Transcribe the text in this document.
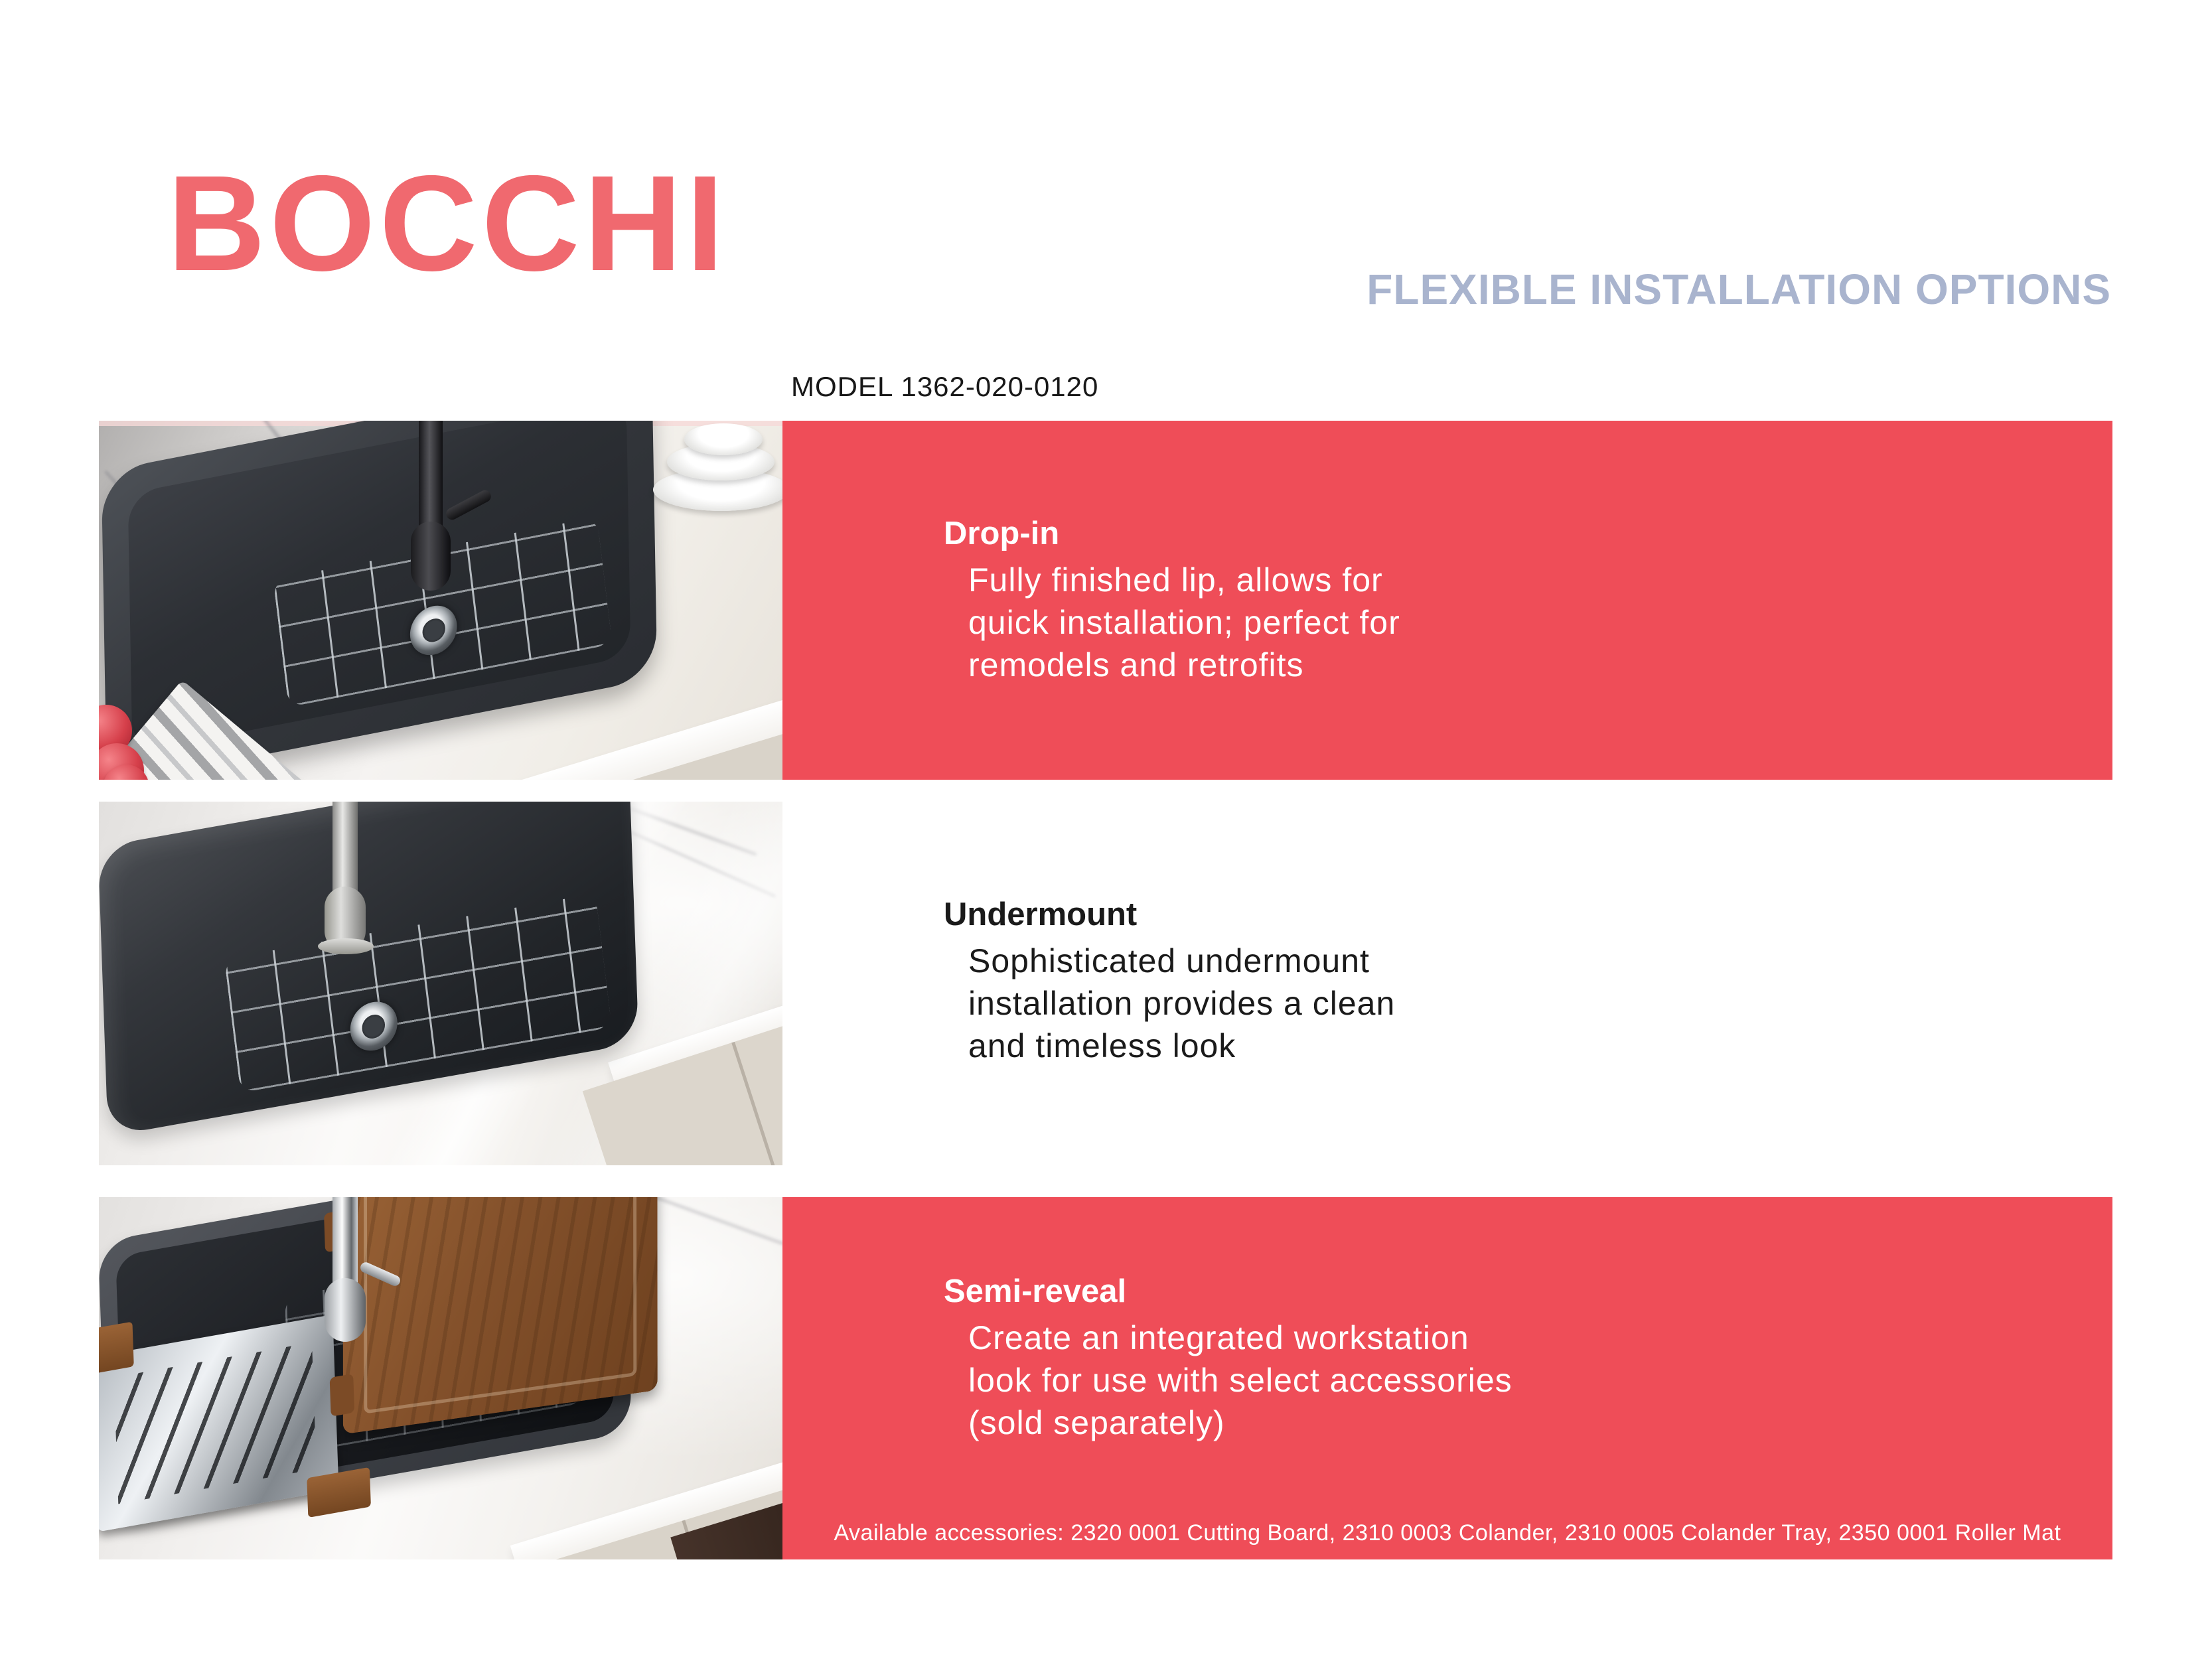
BOCCHI	FLEXIBLE INSTALLATION OPTIONS
MODEL 1362-020-0120
Drop-in

Fully finished lip, allows for
quick installation; perfect for
remodels and retrofits

Undermount

Sophisticated undermount
installation provides a clean
and timeless look

Semi-reveal

Create an integrated workstation
look for use with select accessories
(sold separately)

Available accessories: 2320 0001 Cutting Board, 2310 0003 Colander, 2310 0005 Colander Tray, 2350 0001 Roller Mat
